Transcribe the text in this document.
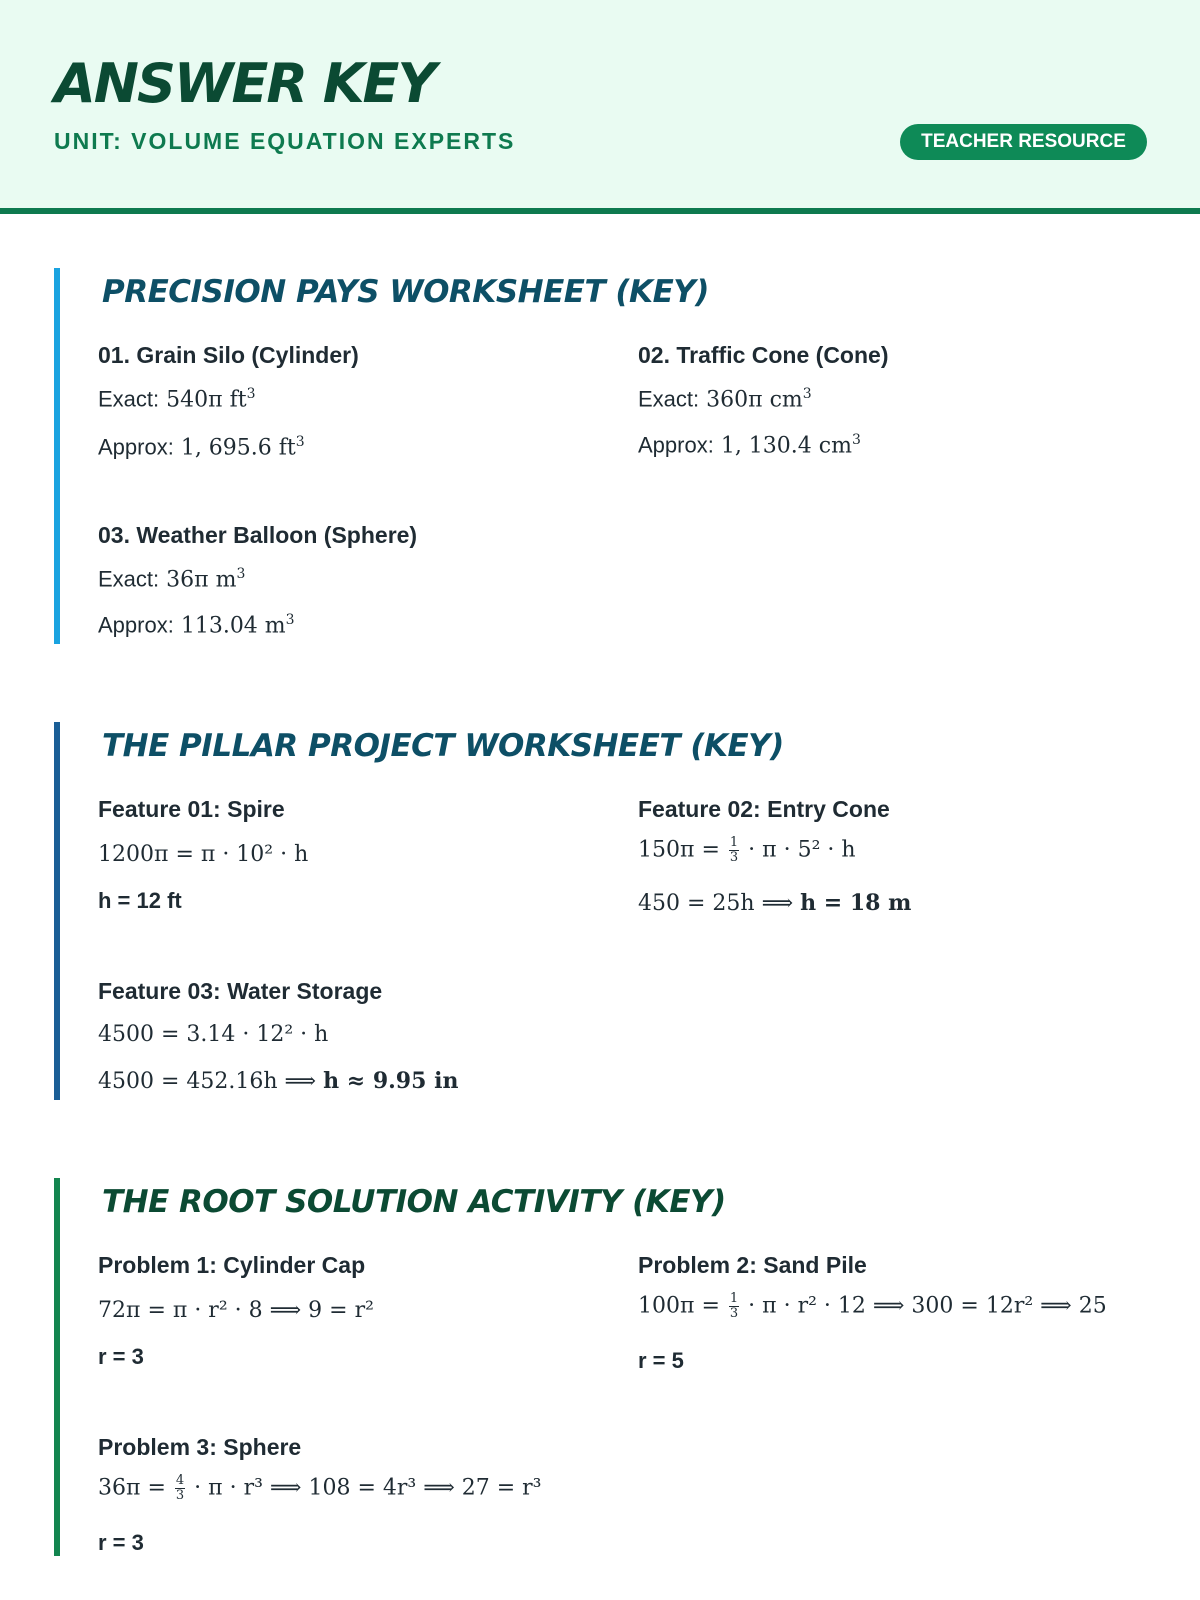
ANSWER KEY
UNIT: VOLUME EQUATION EXPERTS	TEACHER RESOURCE
PRECISION PAYS WORKSHEET (KEY)
01. Grain Silo (Cylinder)
Exact: 540π $ft^3$
Approx: 1, 695.6 $ft^3$
02. Traffic Cone (Cone)
Exact: 360π $cm^3$
Approx: 1, 130.4 $cm^3$
03. Weather Balloon (Sphere)
Exact: 36π $m^3$
Approx: 113.04 $m^3$
THE PILLAR PROJECT WORKSHEET (KEY)
Feature 01: Spire
1200π = π · 10² · h
h = 12 ft
Feature 02: Entry Cone
$150\pi = \frac{1}{3} \cdot \pi \cdot 5^2 \cdot h$
450 = 25h ⟹ h = 18 m
Feature 03: Water Storage
4500 = 3.14 · 12² · h
4500 = 452.16h ⟹ h ≈ 9.95 in
THE ROOT SOLUTION ACTIVITY (KEY)
Problem 1: Cylinder Cap
72π = π · r² · 8 ⟹ 9 = r²
r = 3
Problem 2: Sand Pile
$100\pi = \frac{1}{3} \cdot \pi \cdot r^2 \cdot 12$ ⟹ 300 = 12r² ⟹ 25
r = 5
Problem 3: Sphere
$36\pi = \frac{4}{3} \cdot \pi \cdot r^3$ ⟹ 108 = 4r³ ⟹ 27 = r³
r = 3
